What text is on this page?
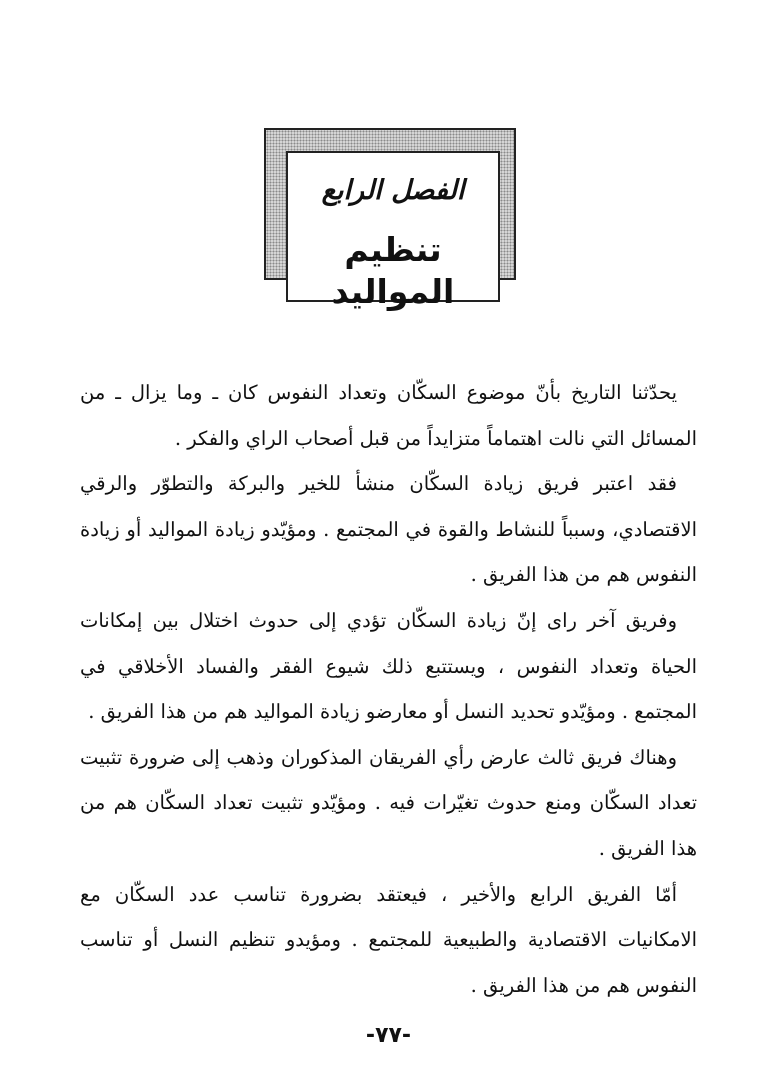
الفصل الرابع
تنظيم المواليد

يحدّثنا التاريخ بأنّ موضوع السكّان وتعداد النفوس كان ـ وما يزال ـ من المسائل التي نالت اهتماماً متزايداً من قبل أصحاب الراي والفكر .

فقد اعتبر فريق زيادة السكّان منشأ للخير والبركة والتطوّر والرقي الاقتصادي، وسبباً للنشاط والقوة في المجتمع . ومؤيّدو زيادة المواليد أو زيادة النفوس هم من هذا الفريق .

وفريق آخر راى إنّ زيادة السكّان تؤدي إلى حدوث اختلال بين إمكانات الحياة وتعداد النفوس ، ويستتبع ذلك شيوع الفقر والفساد الأخلاقي في المجتمع . ومؤيّدو تحديد النسل أو معارضو زيادة المواليد هم من هذا الفريق .

وهناك فريق ثالث عارض رأي الفريقان المذكوران وذهب إلى ضرورة تثبيت تعداد السكّان ومنع حدوث تغيّرات فيه . ومؤيّدو تثبيت تعداد السكّان هم من هذا الفريق .

أمّا الفريق الرابع والأخير ، فيعتقد بضرورة تناسب عدد السكّان مع الامكانيات الاقتصادية والطبيعية للمجتمع . ومؤيدو تنظيم النسل أو تناسب النفوس هم من هذا الفريق .

-٧٧-
